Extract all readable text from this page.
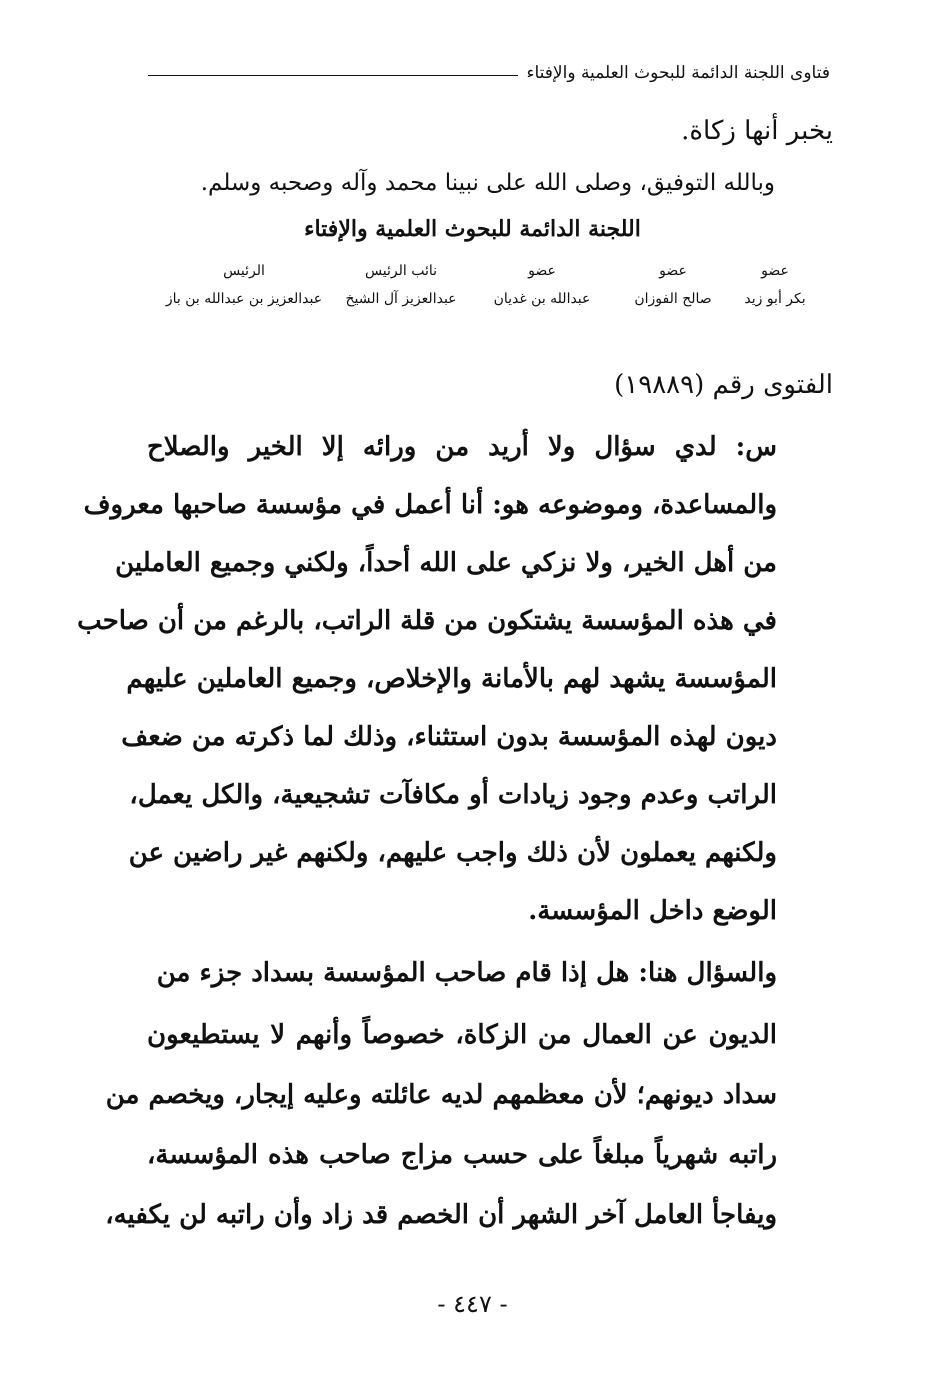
فتاوى اللجنة الدائمة للبحوث العلمية والإفتاء
يخبر أنها زكاة.
وبالله التوفيق، وصلى الله على نبينا محمد وآله وصحبه وسلم.
اللجنة الدائمة للبحوث العلمية والإفتاء
عضو
بكر أبو زيد
عضو
صالح الفوزان
عضو
عبدالله بن غديان
نائب الرئيس
عبدالعزيز آل الشيخ
الرئيس
عبدالعزيز بن عبدالله بن باز
الفتوى رقم (١٩٨٨٩)
س: لدي سؤال ولا أريد من ورائه إلا الخير والصلاح
والمساعدة، وموضوعه هو: أنا أعمل في مؤسسة صاحبها معروف
من أهل الخير، ولا نزكي على الله أحداً، ولكني وجميع العاملين
في هذه المؤسسة يشتكون من قلة الراتب، بالرغم من أن صاحب
المؤسسة يشهد لهم بالأمانة والإخلاص، وجميع العاملين عليهم
ديون لهذه المؤسسة بدون استثناء، وذلك لما ذكرته من ضعف
الراتب وعدم وجود زيادات أو مكافآت تشجيعية، والكل يعمل،
ولكنهم يعملون لأن ذلك واجب عليهم، ولكنهم غير راضين عن
الوضع داخل المؤسسة.
والسؤال هنا: هل إذا قام صاحب المؤسسة بسداد جزء من
الديون عن العمال من الزكاة، خصوصاً وأنهم لا يستطيعون
سداد ديونهم؛ لأن معظمهم لديه عائلته وعليه إيجار، ويخصم من
راتبه شهرياً مبلغاً على حسب مزاج صاحب هذه المؤسسة،
ويفاجأ العامل آخر الشهر أن الخصم قد زاد وأن راتبه لن يكفيه،
- ٤٤٧ -
